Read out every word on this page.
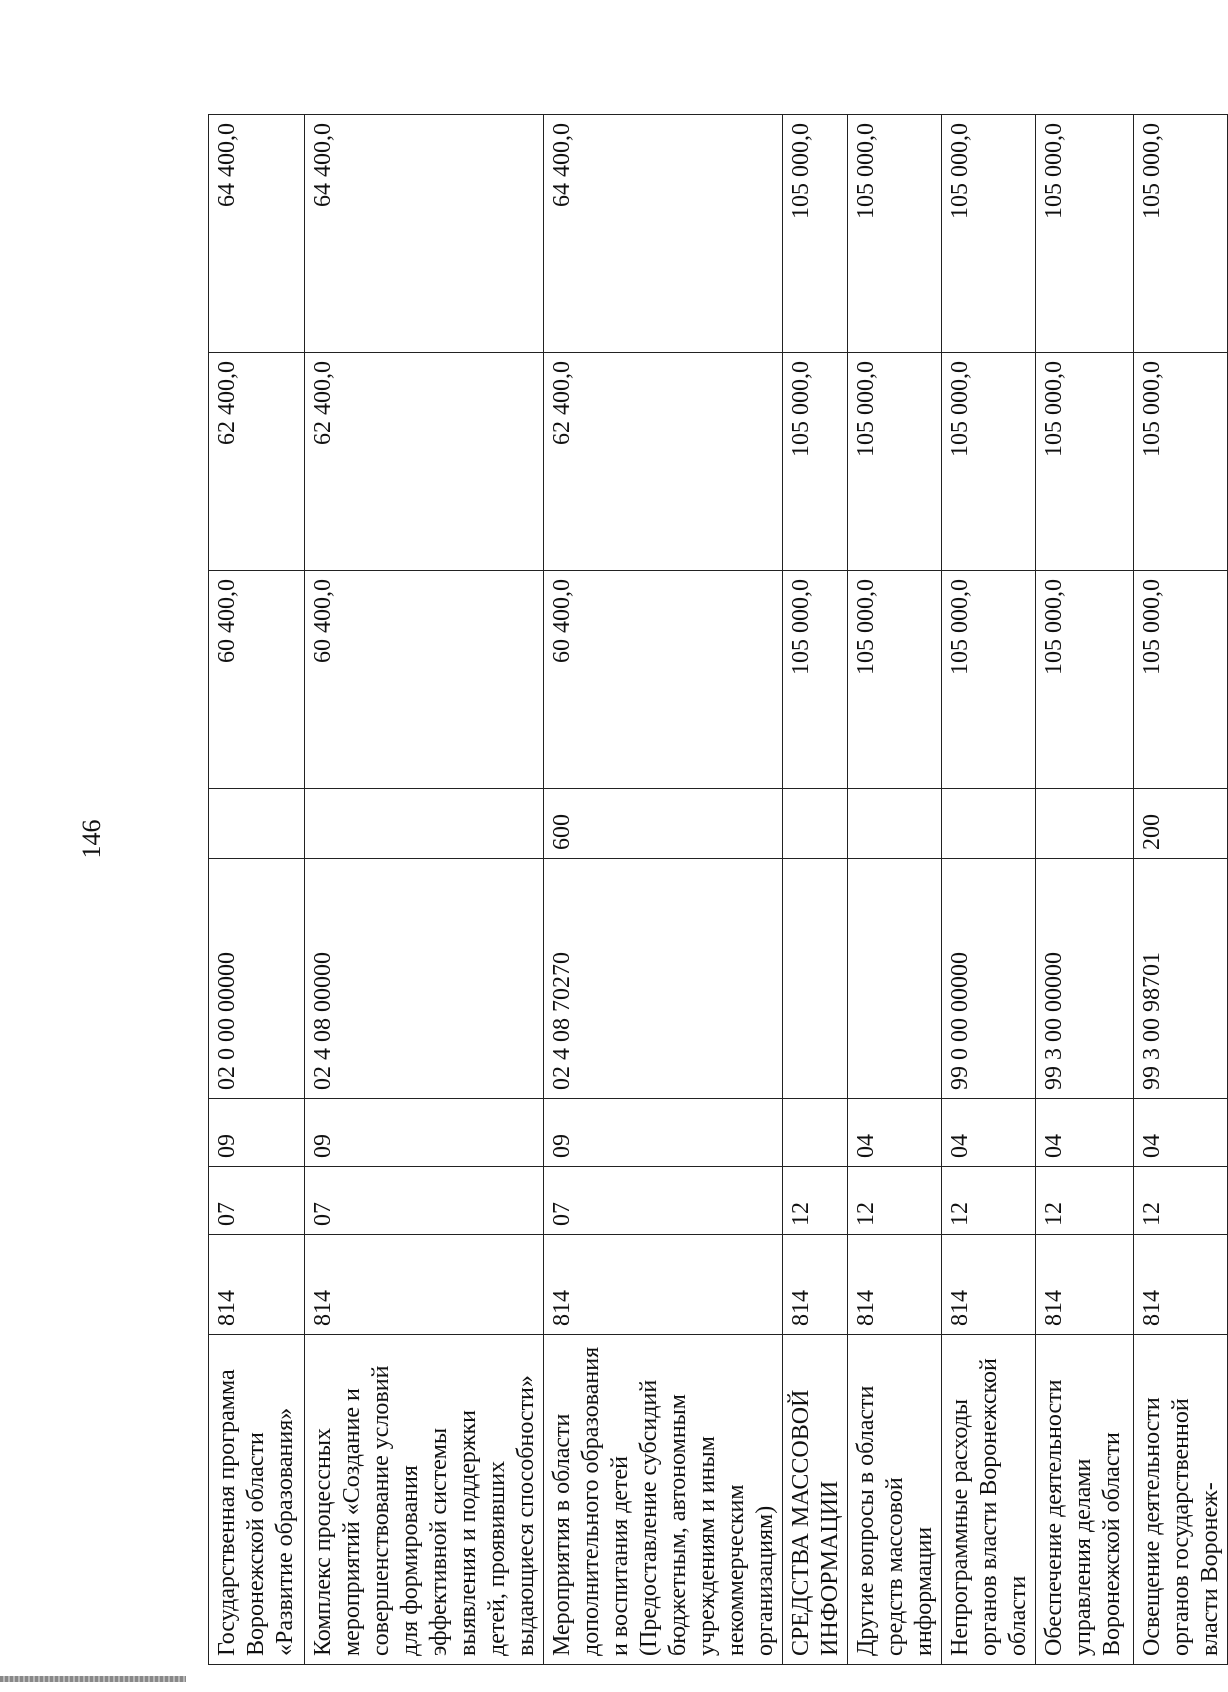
146
Государственная программа Воронежской области «Развитие образования»	814	07	09	02 0 00 00000		60 400,0	62 400,0	64 400,0
Комплекс процессных мероприятий «Создание и совершенствование условий для формирования эффективной системы выявления и поддержки детей, проявивших выдающиеся способности»	814	07	09	02 4 08 00000		60 400,0	62 400,0	64 400,0
Мероприятия в области дополнительного образования и воспитания детей (Предоставление субсидий бюджетным, автономным учреждениям и иным некоммерческим организациям)	814	07	09	02 4 08 70270	600	60 400,0	62 400,0	64 400,0
СРЕДСТВА МАССОВОЙ ИНФОРМАЦИИ	814	12				105 000,0	105 000,0	105 000,0
Другие вопросы в области средств массовой информации	814	12	04			105 000,0	105 000,0	105 000,0
Непрограммные расходы органов власти Воронежской области	814	12	04	99 0 00 00000		105 000,0	105 000,0	105 000,0
Обеспечение деятельности управления делами Воронежской области	814	12	04	99 3 00 00000		105 000,0	105 000,0	105 000,0
Освещение деятельности органов государственной власти Воронеж-	814	12	04	99 3 00 98701	200	105 000,0	105 000,0	105 000,0
